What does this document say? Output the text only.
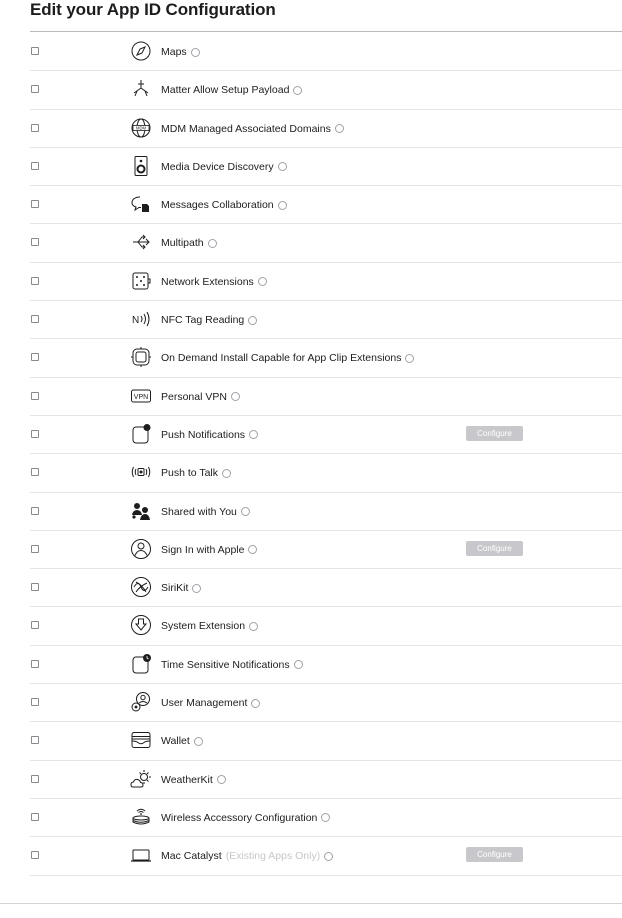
Edit your App ID Configuration
Maps
Matter Allow Setup Payload
MDM MDM Managed Associated Domains
Media Device Discovery
Messages Collaboration
Multipath
Network Extensions
N NFC Tag Reading
On Demand Install Capable for App Clip Extensions
VPN Personal VPN
Push Notifications	Configure
Push to Talk
Shared with You
Sign In with Apple	Configure
SiriKit
System Extension
Time Sensitive Notifications
User Management
Wallet
WeatherKit
Wireless Accessory Configuration
Mac Catalyst (Existing Apps Only)	Configure
